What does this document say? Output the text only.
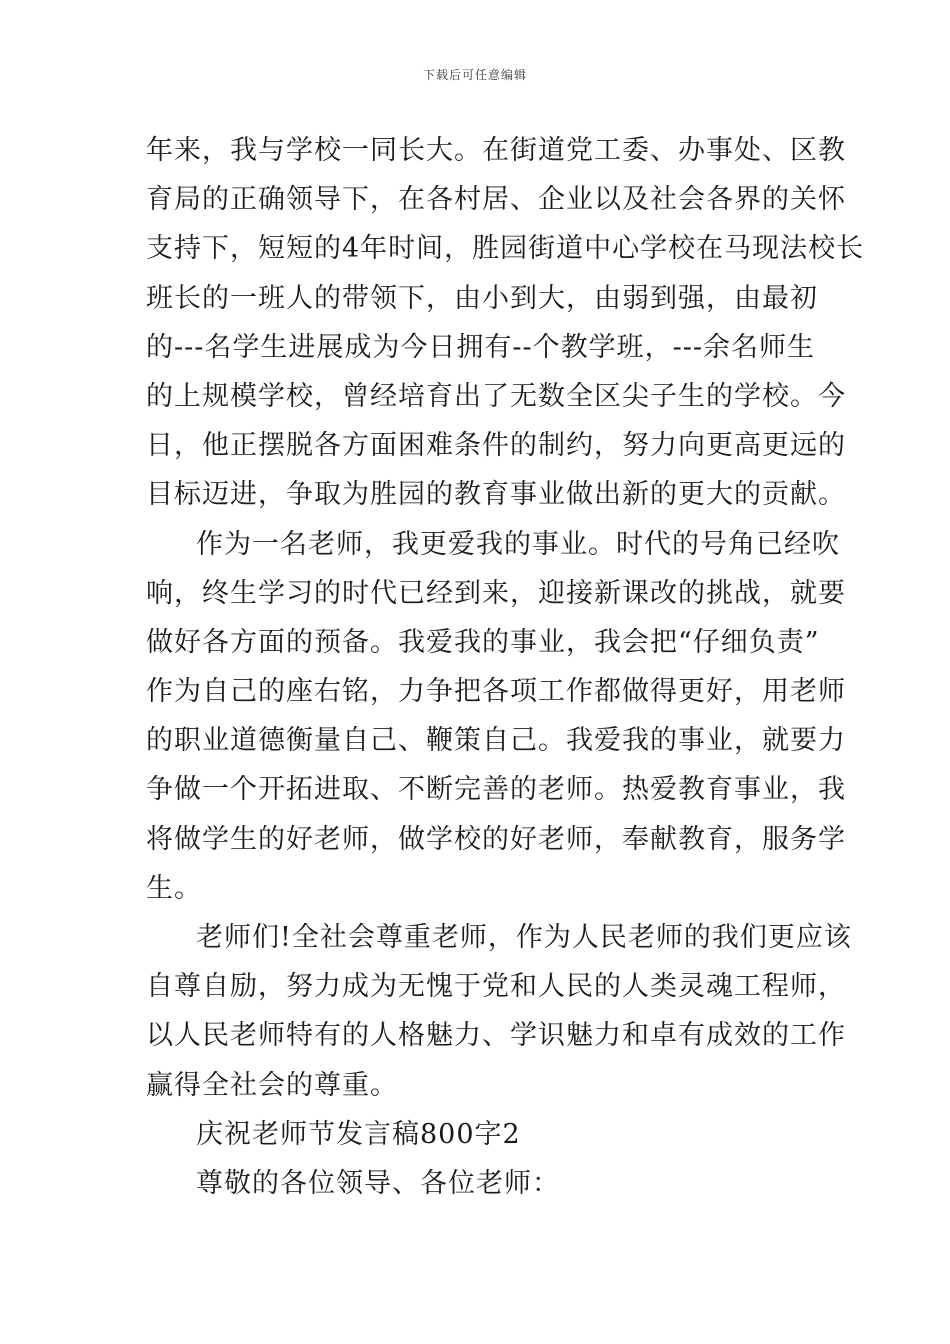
下载后可任意编辑
年来，我与学校一同长大。在街道党工委、办事处、区教
育局的正确领导下，在各村居、企业以及社会各界的关怀
支持下，短短的4年时间，胜园街道中心学校在马现法校长
班长的一班人的带领下，由小到大，由弱到强，由最初
的---名学生进展成为今日拥有--个教学班，---余名师生
的上规模学校，曾经培育出了无数全区尖子生的学校。今
日，他正摆脱各方面困难条件的制约，努力向更高更远的
目标迈进，争取为胜园的教育事业做出新的更大的贡献。
作为一名老师，我更爱我的事业。时代的号角已经吹
响，终生学习的时代已经到来，迎接新课改的挑战，就要
做好各方面的预备。我爱我的事业，我会把“仔细负责”
作为自己的座右铭，力争把各项工作都做得更好，用老师
的职业道德衡量自己、鞭策自己。我爱我的事业，就要力
争做一个开拓进取、不断完善的老师。热爱教育事业，我
将做学生的好老师，做学校的好老师，奉献教育，服务学
生。
老师们!全社会尊重老师，作为人民老师的我们更应该
自尊自励，努力成为无愧于党和人民的人类灵魂工程师，
以人民老师特有的人格魅力、学识魅力和卓有成效的工作
赢得全社会的尊重。
庆祝老师节发言稿800字2
尊敬的各位领导、各位老师：
